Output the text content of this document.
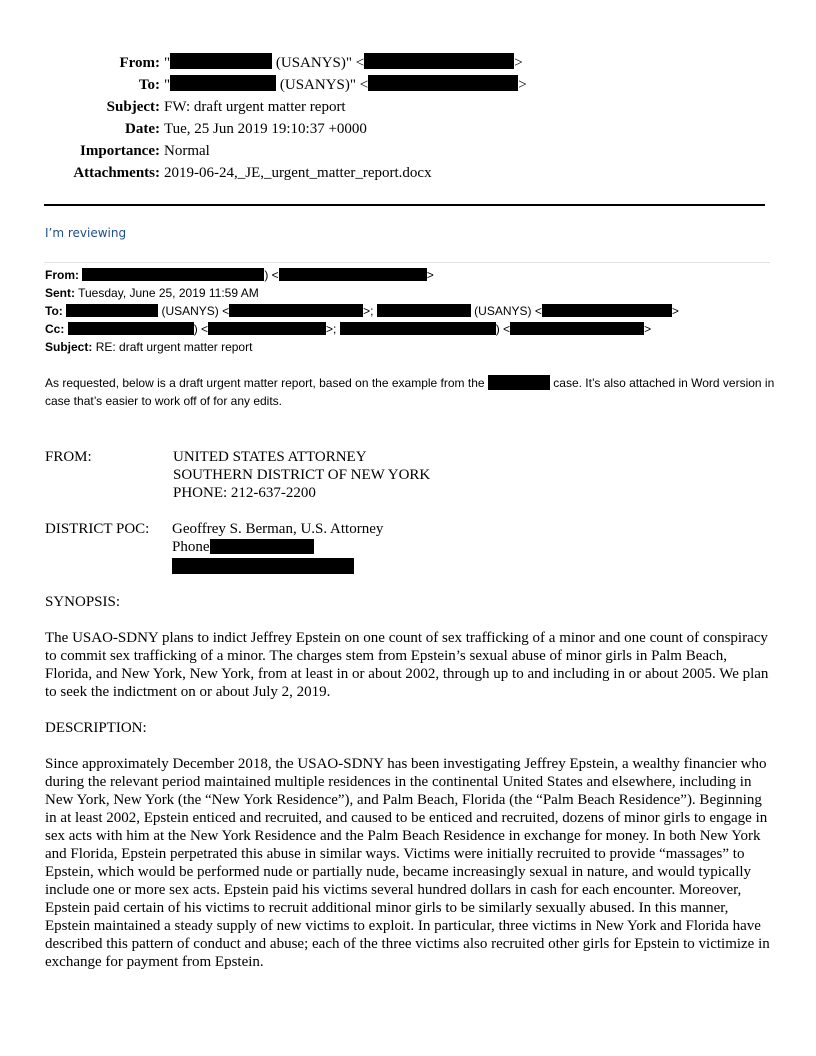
From: "	(USANYS)" <	>
To: "	(USANYS)" <	>
Subject: FW: draft urgent matter report
Date: Tue, 25 Jun 2019 19:10:37 +0000
Importance: Normal
Attachments: 2019-06-24,_JE,_urgent_matter_report.docx
I’m reviewing
From:	) <	>
Sent: Tuesday, June 25, 2019 11:59 AM
To:	(USANYS) <	>;	(USANYS) <	>
Cc:	) <	>;	) <	>
Subject: RE: draft urgent matter report
As requested, below is a draft urgent matter report, based on the example from the	case. It’s also attached in Word version in case that’s easier to work off of for any edits.
FROM:	UNITED STATES ATTORNEY
SOUTHERN DISTRICT OF NEW YORK
PHONE: 212-637-2200
DISTRICT POC: Geoffrey S. Berman, U.S. Attorney
Phone
SYNOPSIS:
The USAO-SDNY plans to indict Jeffrey Epstein on one count of sex trafficking of a minor and one count of conspiracy to commit sex trafficking of a minor. The charges stem from Epstein’s sexual abuse of minor girls in Palm Beach, Florida, and New York, New York, from at least in or about 2002, through up to and including in or about 2005. We plan to seek the indictment on or about July 2, 2019.
DESCRIPTION:
Since approximately December 2018, the USAO-SDNY has been investigating Jeffrey Epstein, a wealthy financier who during the relevant period maintained multiple residences in the continental United States and elsewhere, including in New York, New York (the “New York Residence”), and Palm Beach, Florida (the “Palm Beach Residence”). Beginning in at least 2002, Epstein enticed and recruited, and caused to be enticed and recruited, dozens of minor girls to engage in sex acts with him at the New York Residence and the Palm Beach Residence in exchange for money. In both New York and Florida, Epstein perpetrated this abuse in similar ways. Victims were initially recruited to provide “massages” to Epstein, which would be performed nude or partially nude, became increasingly sexual in nature, and would typically include one or more sex acts. Epstein paid his victims several hundred dollars in cash for each encounter. Moreover, Epstein paid certain of his victims to recruit additional minor girls to be similarly sexually abused. In this manner, Epstein maintained a steady supply of new victims to exploit. In particular, three victims in New York and Florida have described this pattern of conduct and abuse; each of the three victims also recruited other girls for Epstein to victimize in exchange for payment from Epstein.
